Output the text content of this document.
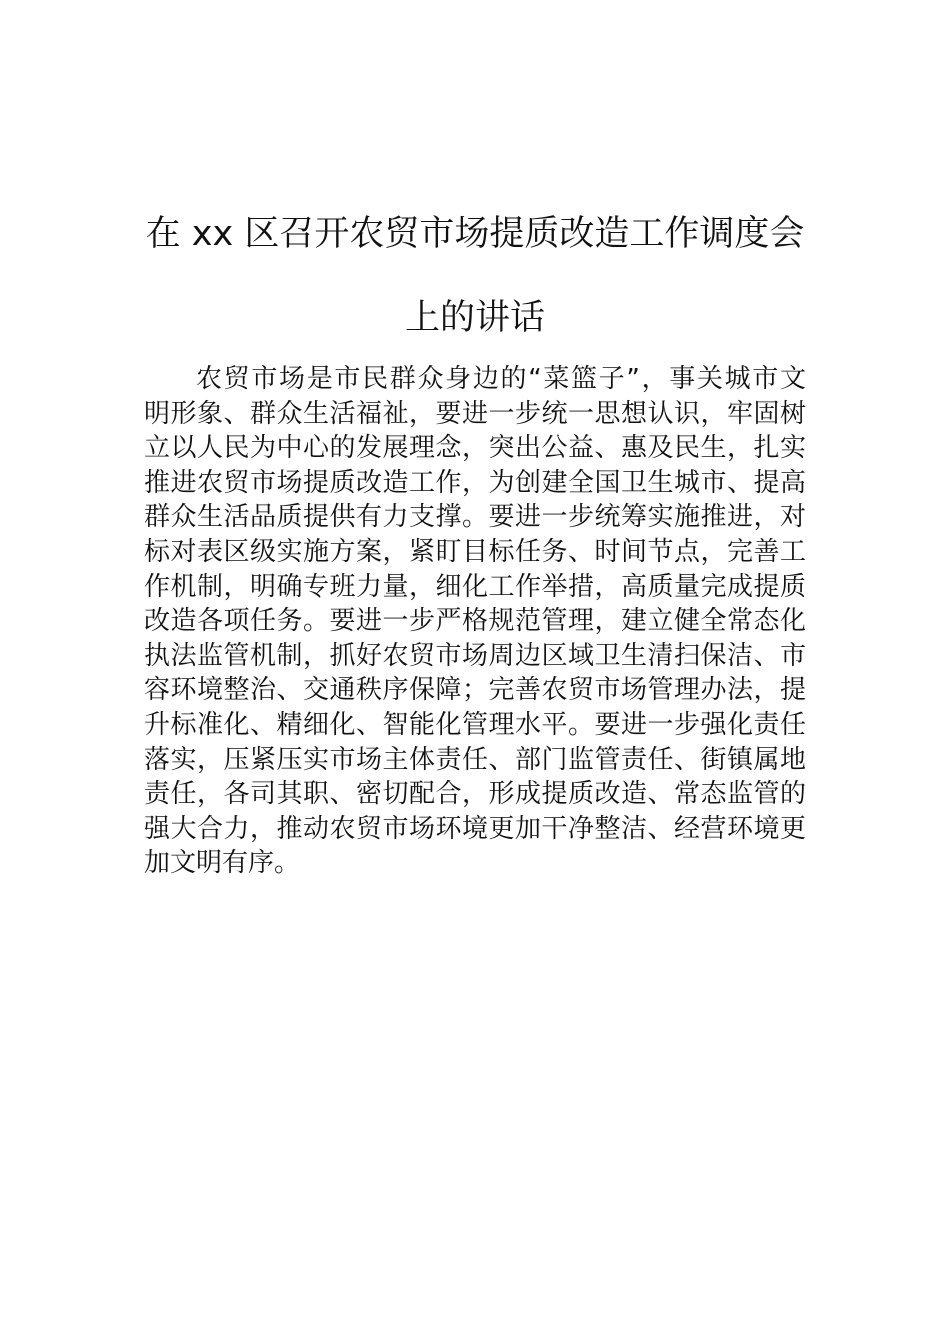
在 xx 区召开农贸市场提质改造工作调度会
上的讲话
农贸市场是市民群众身边的“菜篮子”，事关城市文
明形象、群众生活福祉，要进一步统一思想认识，牢固树
立以人民为中心的发展理念，突出公益、惠及民生，扎实
推进农贸市场提质改造工作，为创建全国卫生城市、提高
群众生活品质提供有力支撑。要进一步统筹实施推进，对
标对表区级实施方案，紧盯目标任务、时间节点，完善工
作机制，明确专班力量，细化工作举措，高质量完成提质
改造各项任务。要进一步严格规范管理，建立健全常态化
执法监管机制，抓好农贸市场周边区域卫生清扫保洁、市
容环境整治、交通秩序保障；完善农贸市场管理办法，提
升标准化、精细化、智能化管理水平。要进一步强化责任
落实，压紧压实市场主体责任、部门监管责任、街镇属地
责任，各司其职、密切配合，形成提质改造、常态监管的
强大合力，推动农贸市场环境更加干净整洁、经营环境更
加文明有序。
